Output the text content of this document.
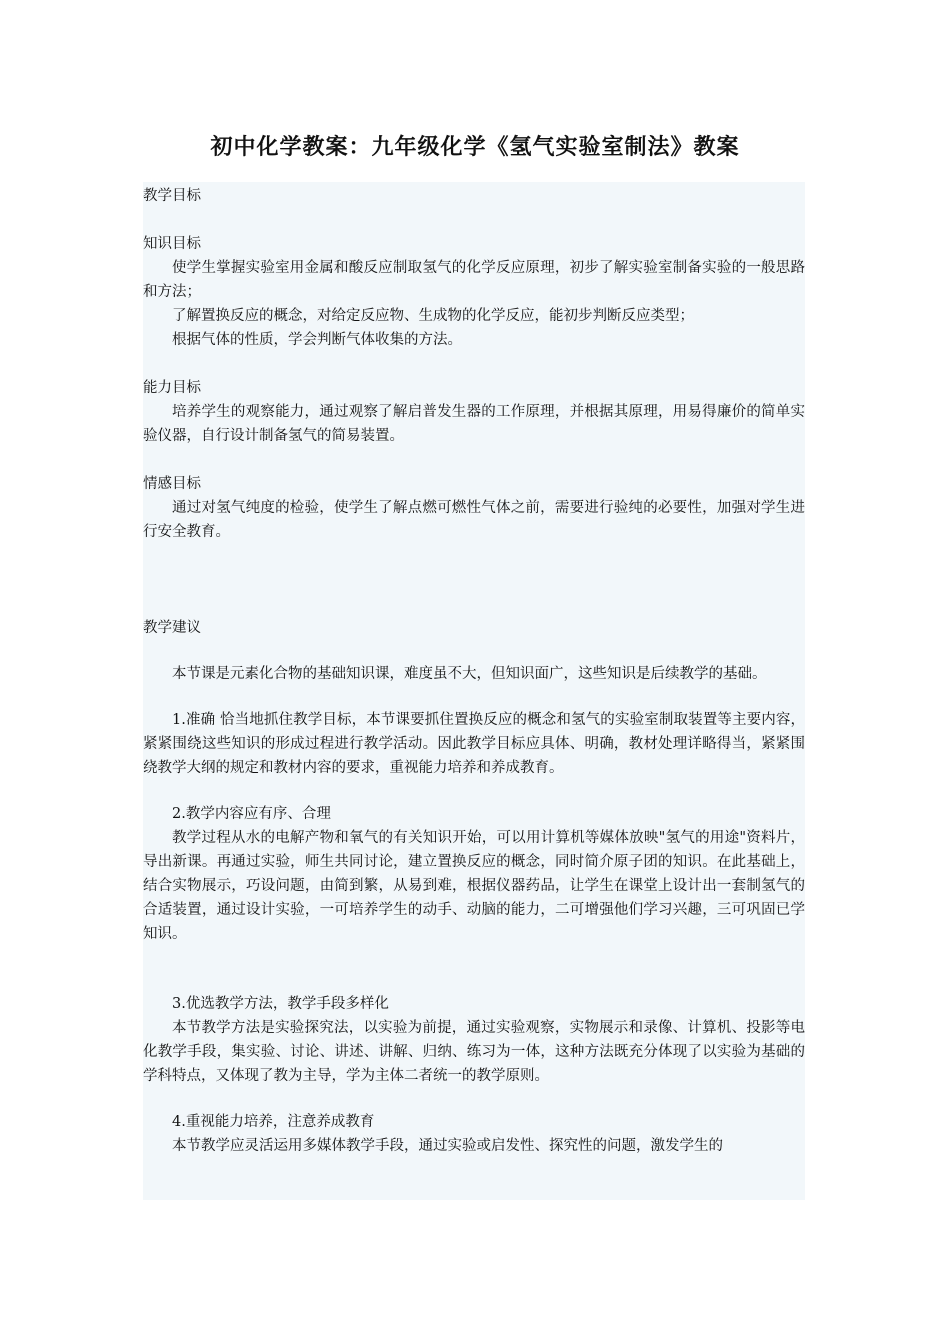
初中化学教案：九年级化学《氢气实验室制法》教案

教学目标

知识目标

使学生掌握实验室用金属和酸反应制取氢气的化学反应原理，初步了解实验室制备实验的一般思路和方法；

了解置换反应的概念，对给定反应物、生成物的化学反应，能初步判断反应类型；

根据气体的性质，学会判断气体收集的方法。

能力目标

培养学生的观察能力，通过观察了解启普发生器的工作原理，并根据其原理，用易得廉价的简单实验仪器，自行设计制备氢气的简易装置。

情感目标

通过对氢气纯度的检验，使学生了解点燃可燃性气体之前，需要进行验纯的必要性，加强对学生进行安全教育。

教学建议

本节课是元素化合物的基础知识课，难度虽不大，但知识面广，这些知识是后续教学的基础。

1.准确 恰当地抓住教学目标，本节课要抓住置换反应的概念和氢气的实验室制取装置等主要内容，紧紧围绕这些知识的形成过程进行教学活动。因此教学目标应具体、明确，教材处理详略得当，紧紧围绕教学大纲的规定和教材内容的要求，重视能力培养和养成教育。

2.教学内容应有序、合理

教学过程从水的电解产物和氧气的有关知识开始，可以用计算机等媒体放映"氢气的用途"资料片，导出新课。再通过实验，师生共同讨论，建立置换反应的概念，同时简介原子团的知识。在此基础上，结合实物展示，巧设问题，由简到繁，从易到难，根据仪器药品，让学生在课堂上设计出一套制氢气的合适装置，通过设计实验，一可培养学生的动手、动脑的能力，二可增强他们学习兴趣，三可巩固已学知识。

3.优选教学方法，教学手段多样化

本节教学方法是实验探究法，以实验为前提，通过实验观察，实物展示和录像、计算机、投影等电化教学手段，集实验、讨论、讲述、讲解、归纳、练习为一体，这种方法既充分体现了以实验为基础的学科特点，又体现了教为主导，学为主体二者统一的教学原则。

4.重视能力培养，注意养成教育

本节教学应灵活运用多媒体教学手段，通过实验或启发性、探究性的问题，激发学生的
